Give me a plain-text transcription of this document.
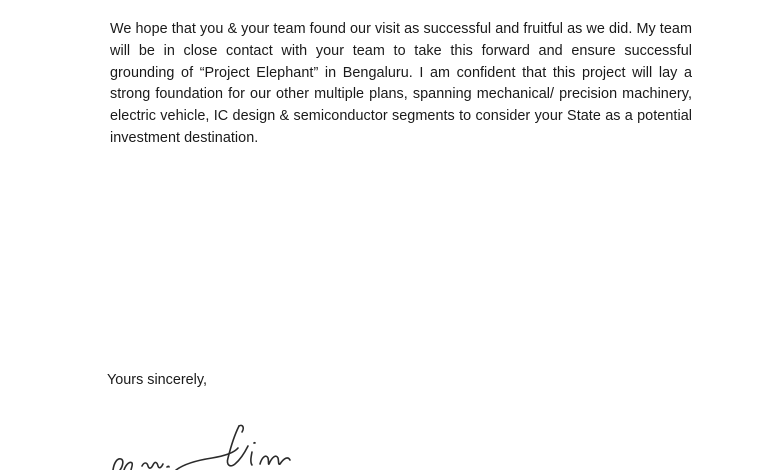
We hope that you & your team found our visit as successful and fruitful as we did. My team will be in close contact with your team to take this forward and ensure successful grounding of “Project Elephant” in Bengaluru. I am confident that this project will lay a strong foundation for our other multiple plans, spanning mechanical/ precision machinery, electric vehicle, IC design & semiconductor segments to consider your State as a potential investment destination.

Yours sincerely,
